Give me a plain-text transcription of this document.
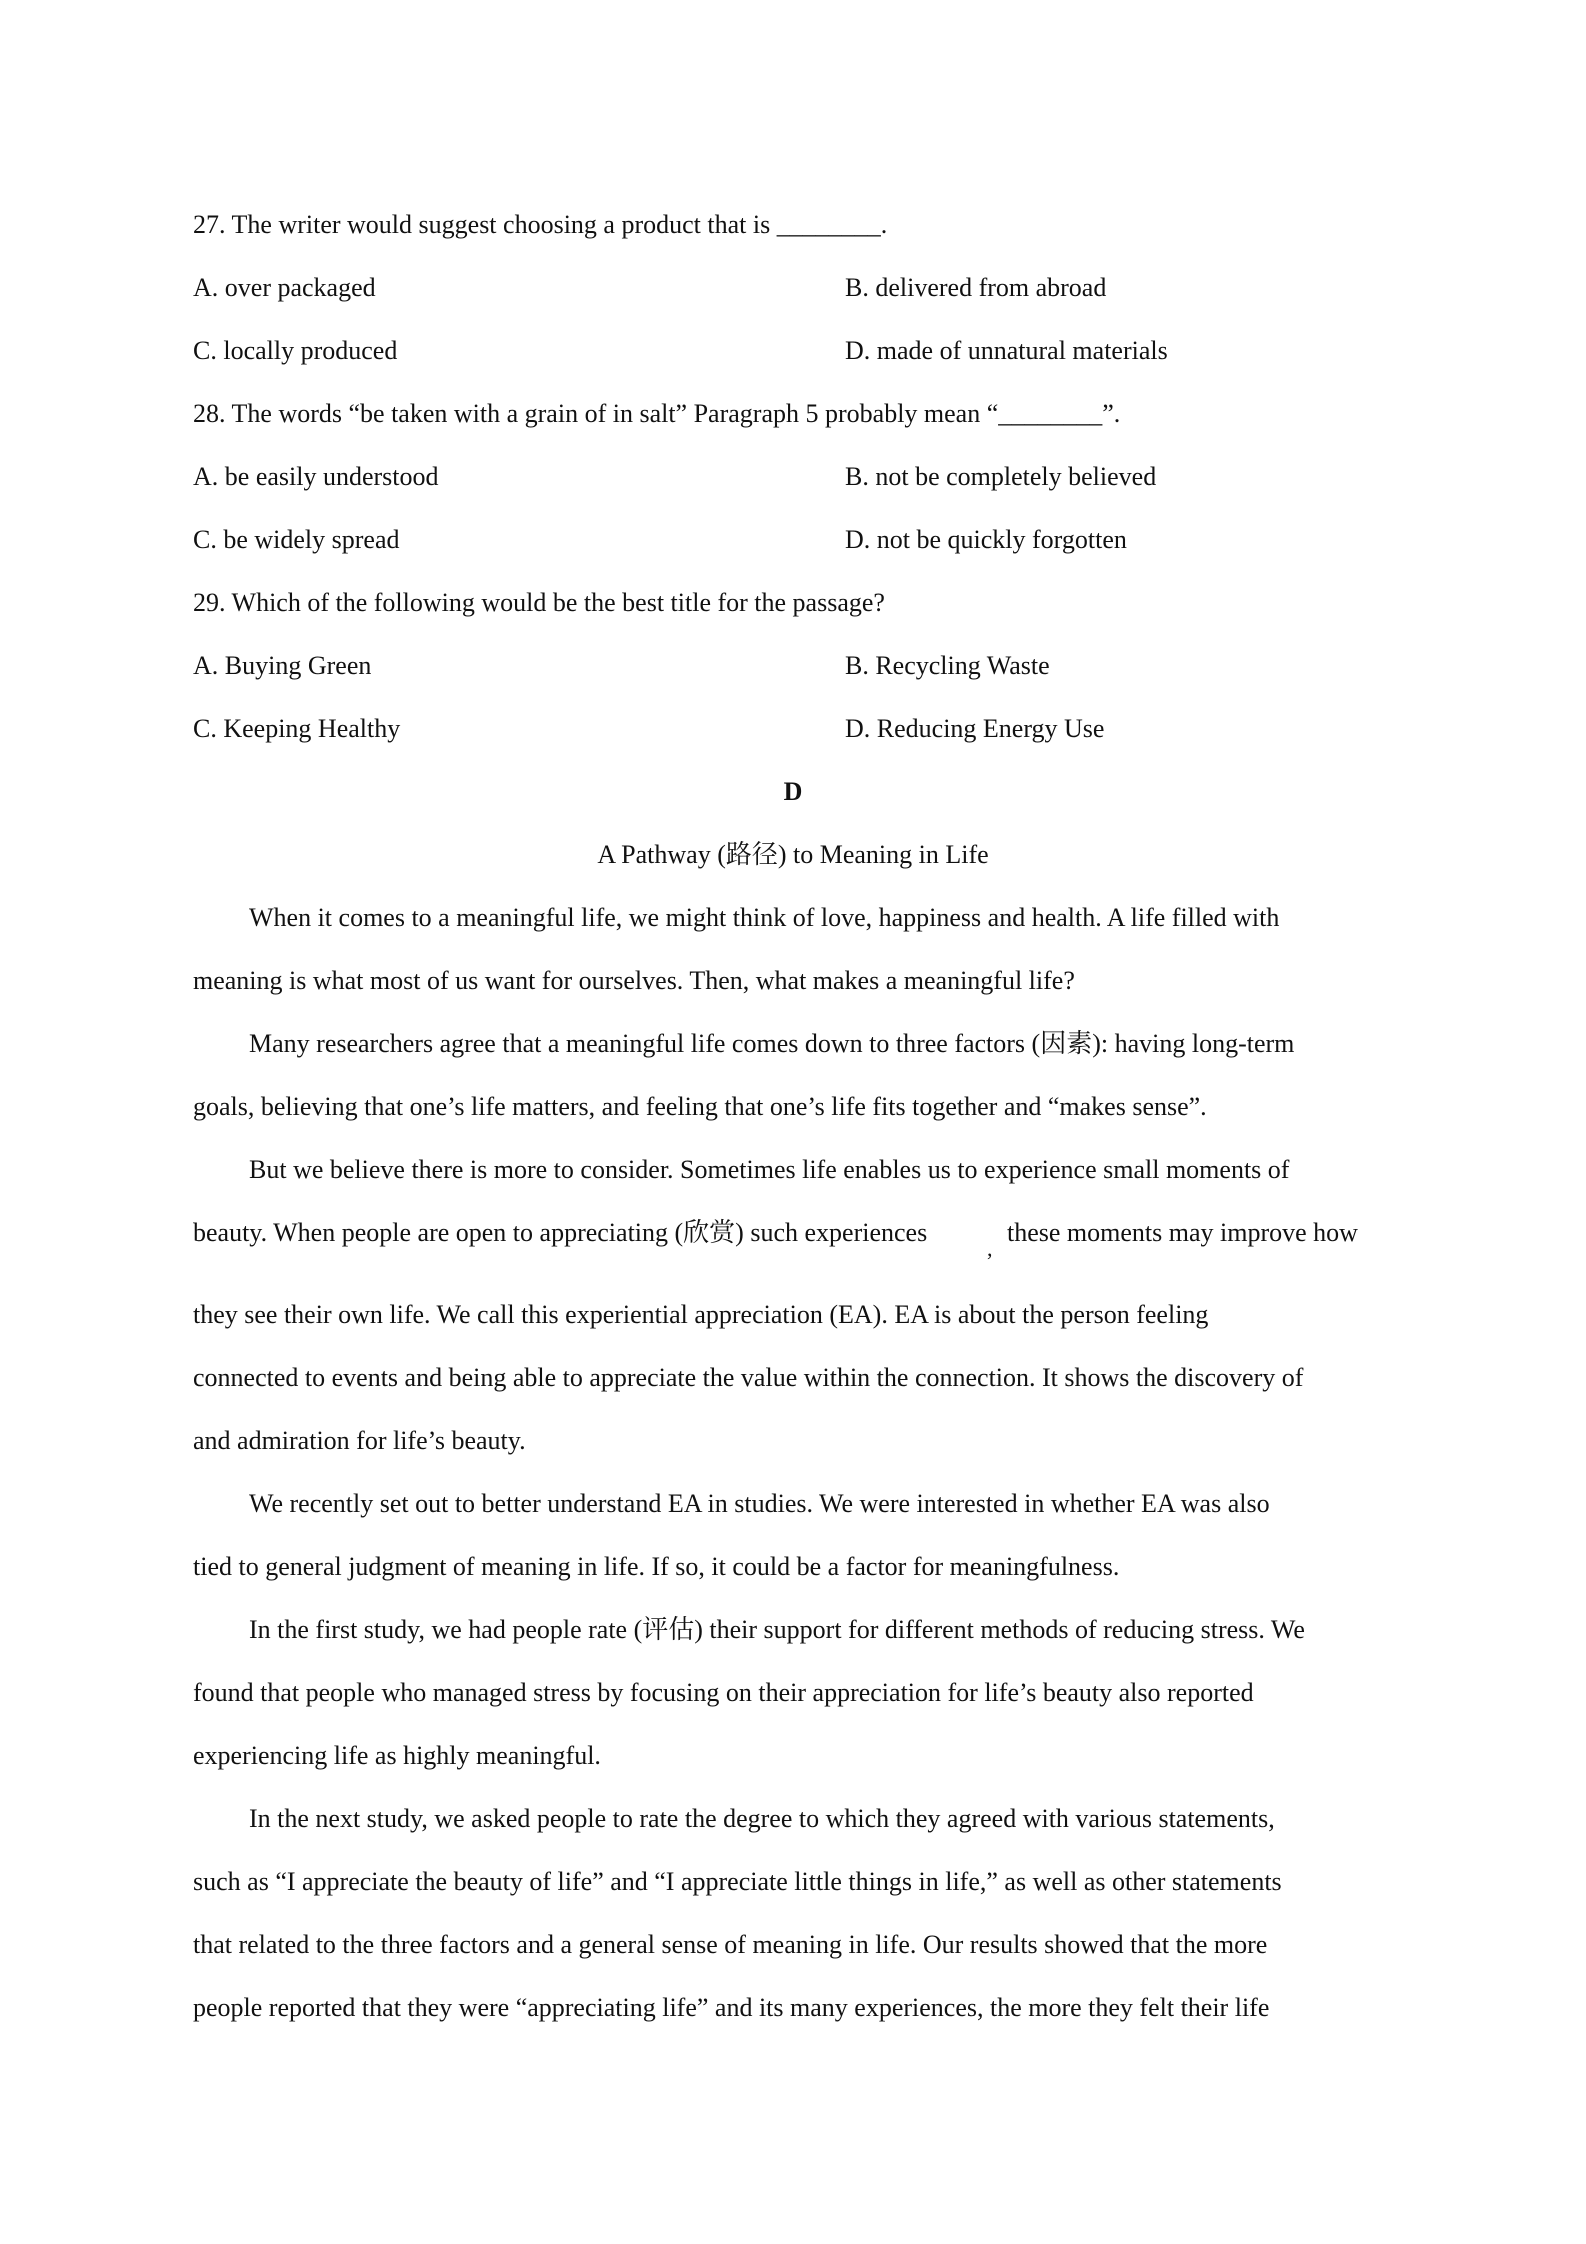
27. The writer would suggest choosing a product that is ________.
A. over packaged	B. delivered from abroad
C. locally produced	D. made of unnatural materials
28. The words “be taken with a grain of in salt” Paragraph 5 probably mean “________”.
A. be easily understood	B. not be completely believed
C. be widely spread	D. not be quickly forgotten
29. Which of the following would be the best title for the passage?
A. Buying Green	B. Recycling Waste
C. Keeping Healthy	D. Reducing Energy Use
D
A Pathway (路径) to Meaning in Life
When it comes to a meaningful life, we might think of love, happiness and health. A life filled with
meaning is what most of us want for ourselves. Then, what makes a meaningful life?
Many researchers agree that a meaningful life comes down to three factors (因素): having long-term
goals, believing that one’s life matters, and feeling that one’s life fits together and “makes sense”.
But we believe there is more to consider. Sometimes life enables us to experience small moments of
beauty. When people are open to appreciating (欣赏) such experiences
,
these moments may improve how
they see their own life. We call this experiential appreciation (EA). EA is about the person feeling
connected to events and being able to appreciate the value within the connection. It shows the discovery of
and admiration for life’s beauty.
We recently set out to better understand EA in studies. We were interested in whether EA was also
tied to general judgment of meaning in life. If so, it could be a factor for meaningfulness.
In the first study, we had people rate (评估) their support for different methods of reducing stress. We
found that people who managed stress by focusing on their appreciation for life’s beauty also reported
experiencing life as highly meaningful.
In the next study, we asked people to rate the degree to which they agreed with various statements,
such as “I appreciate the beauty of life” and “I appreciate little things in life,” as well as other statements
that related to the three factors and a general sense of meaning in life. Our results showed that the more
people reported that they were “appreciating life” and its many experiences, the more they felt their life
